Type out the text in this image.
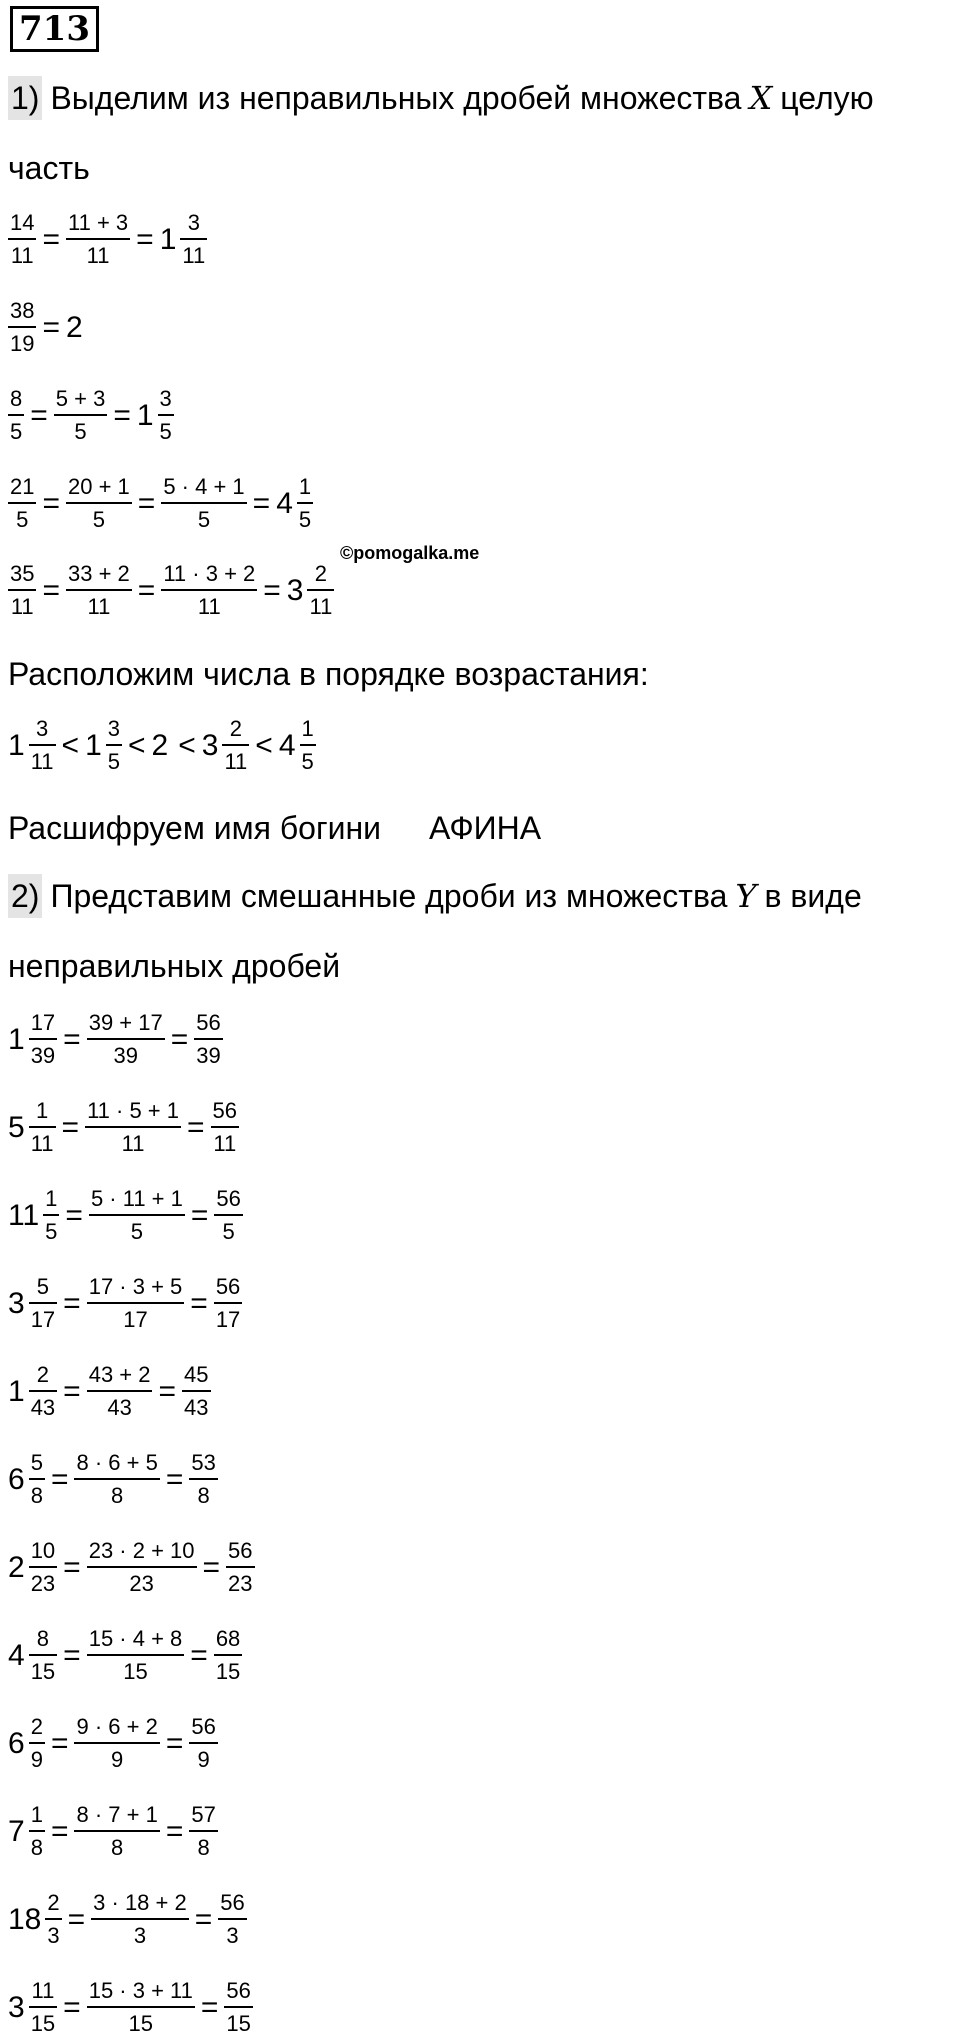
713
1) Выделим из неправильных дробей множества X целую
часть
$\frac{14}{11} = \frac{11 + 3}{11} = 1 \frac{3}{11}$
$\frac{38}{19} = 2$
$\frac{8}{5} = \frac{5 + 3}{5} = 1 \frac{3}{5}$
$\frac{21}{5} = \frac{20 + 1}{5} = \frac{5 \cdot 4 + 1}{5} = 4 \frac{1}{5}$
©pomogalka.me
$\frac{35}{11} = \frac{33 + 2}{11} = \frac{11 \cdot 3 + 2}{11} = 3 \frac{2}{11}$
Расположим числа в порядке возрастания:
$1 \frac{3}{11} < 1 \frac{3}{5} < 2 < 3 \frac{2}{11} < 4 \frac{1}{5}$
Расшифруем имя богини АФИНА
2) Представим смешанные дроби из множества Y в виде
неправильных дробей
$1 \frac{17}{39} = \frac{39 + 17}{39} = \frac{56}{39}$
$5 \frac{1}{11} = \frac{11 \cdot 5 + 1}{11} = \frac{56}{11}$
$11 \frac{1}{5} = \frac{5 \cdot 11 + 1}{5} = \frac{56}{5}$
$3 \frac{5}{17} = \frac{17 \cdot 3 + 5}{17} = \frac{56}{17}$
$1 \frac{2}{43} = \frac{43 + 2}{43} = \frac{45}{43}$
$6 \frac{5}{8} = \frac{8 \cdot 6 + 5}{8} = \frac{53}{8}$
$2 \frac{10}{23} = \frac{23 \cdot 2 + 10}{23} = \frac{56}{23}$
$4 \frac{8}{15} = \frac{15 \cdot 4 + 8}{15} = \frac{68}{15}$
$6 \frac{2}{9} = \frac{9 \cdot 6 + 2}{9} = \frac{56}{9}$
$7 \frac{1}{8} = \frac{8 \cdot 7 + 1}{8} = \frac{57}{8}$
$18 \frac{2}{3} = \frac{3 \cdot 18 + 2}{3} = \frac{56}{3}$
$3 \frac{11}{15} = \frac{15 \cdot 3 + 11}{15} = \frac{56}{15}$
